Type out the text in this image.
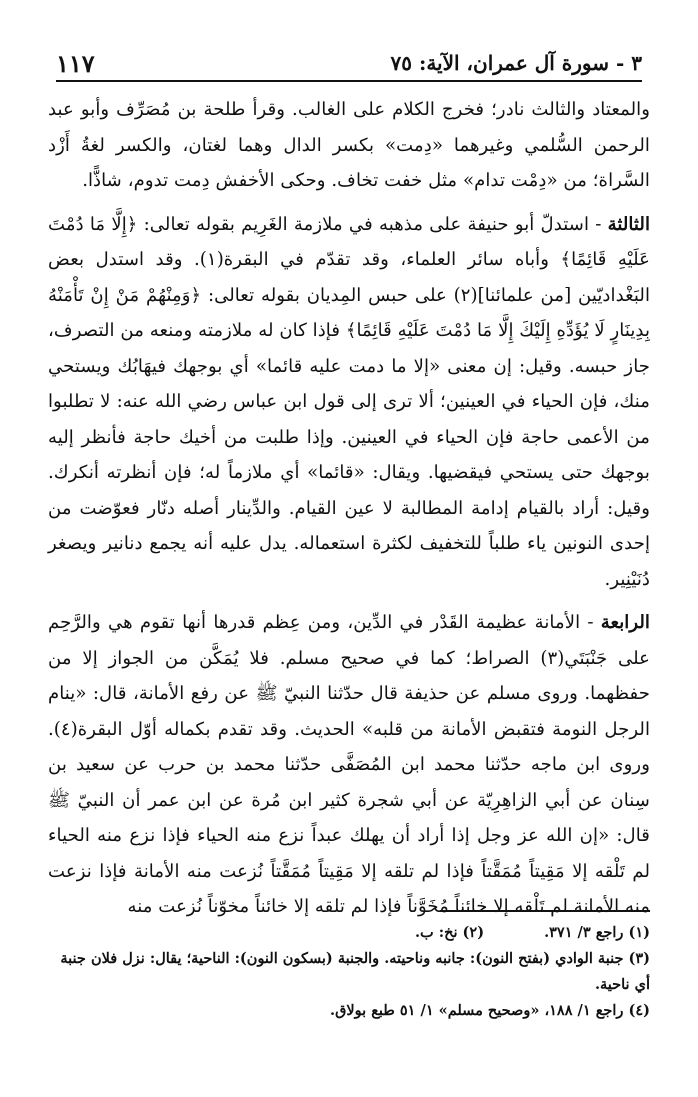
٣ - سورة آل عمران، الآية: ٧٥
١١٧

والمعتاد والثالث نادر؛ فخرج الكلام على الغالب. وقرأ طلحة بن مُصَرِّف وأبو عبد الرحمن السُّلمي وغيرهما «دِمت» بكسر الدال وهما لغتان، والكسر لغةُ أَزْد السَّراة؛ من «دِمْت تدام» مثل خفت تخاف. وحكى الأخفش دِمت تدوم، شاذًّا.

الثالثة - استدلّ أبو حنيفة على مذهبه في ملازمة الغَرِيم بقوله تعالى: ﴿إِلَّا مَا دُمْتَ عَلَيْهِ قَائِمًا﴾ وأباه سائر العلماء، وقد تقدّم في البقرة(١). وقد استدل بعض البَغْداديّين [من علمائنا](٢) على حبس المِديان بقوله تعالى: ﴿وَمِنْهُمْ مَنْ إِنْ تَأْمَنْهُ بِدِينَارٍ لَا يُؤَدِّهِ إِلَيْكَ إِلَّا مَا دُمْتَ عَلَيْهِ قَائِمًا﴾ فإذا كان له ملازمته ومنعه من التصرف، جاز حبسه. وقيل: إن معنى «إلا ما دمت عليه قائما» أي بوجهك فيهَابُك ويستحي منك، فإن الحياء في العينين؛ ألا ترى إلى قول ابن عباس رضي الله عنه: لا تطلبوا من الأعمى حاجة فإن الحياء في العينين. وإذا طلبت من أخيك حاجة فأنظر إليه بوجهك حتى يستحي فيقضيها. ويقال: «قائما» أي ملازماً له؛ فإن أنظرته أنكرك. وقيل: أراد بالقيام إدامة المطالبة لا عين القيام. والدِّينار أصله دنّار فعوّضت من إحدى النونين ياء طلباً للتخفيف لكثرة استعماله. يدل عليه أنه يجمع دنانير ويصغر دُنَيْنِير.

الرابعة - الأمانة عظيمة القَدْر في الدِّين، ومن عِظم قدرها أنها تقوم هي والرَّحِم على جَنْبَتَي(٣) الصراط؛ كما في صحيح مسلم. فلا يُمَكَّن من الجواز إلا من حفظهما. وروى مسلم عن حذيفة قال حدّثنا النبيّ ﷺ عن رفع الأمانة، قال: «ينام الرجل النومة فتقبض الأمانة من قلبه» الحديث. وقد تقدم بكماله أوّل البقرة(٤). وروى ابن ماجه حدّثنا محمد ابن المُصَفَّى حدّثنا محمد بن حرب عن سعيد بن سِنان عن أبي الزاهِرِيّة عن أبي شجرة كثير ابن مُرة عن ابن عمر أن النبيّ ﷺ قال: «إن الله عز وجل إذا أراد أن يهلك عبداً نزع منه الحياء فإذا نزع منه الحياء لم تَلْقه إلا مَقِيتاً مُمَقَّتاً فإذا لم تلقه إلا مَقِيتاً مُمَقَّتاً نُزعت منه الأمانة فإذا نزعت منه الأمانة لم تَلْقه إلا خائناً مُخَوَّناً فإذا لم تلقه إلا خائناً مخوّناً نُزعت منه

(١) راجع ٣/ ٣٧١.

(٢) نخ: ب.

(٣) جنبة الوادي (بفتح النون): جانبه وناحيته. والجنبة (بسكون النون): الناحية؛ يقال: نزل فلان جنبة أي ناحية.

(٤) راجع ١/ ١٨٨، «وصحيح مسلم» ١/ ٥١ طبع بولاق.
